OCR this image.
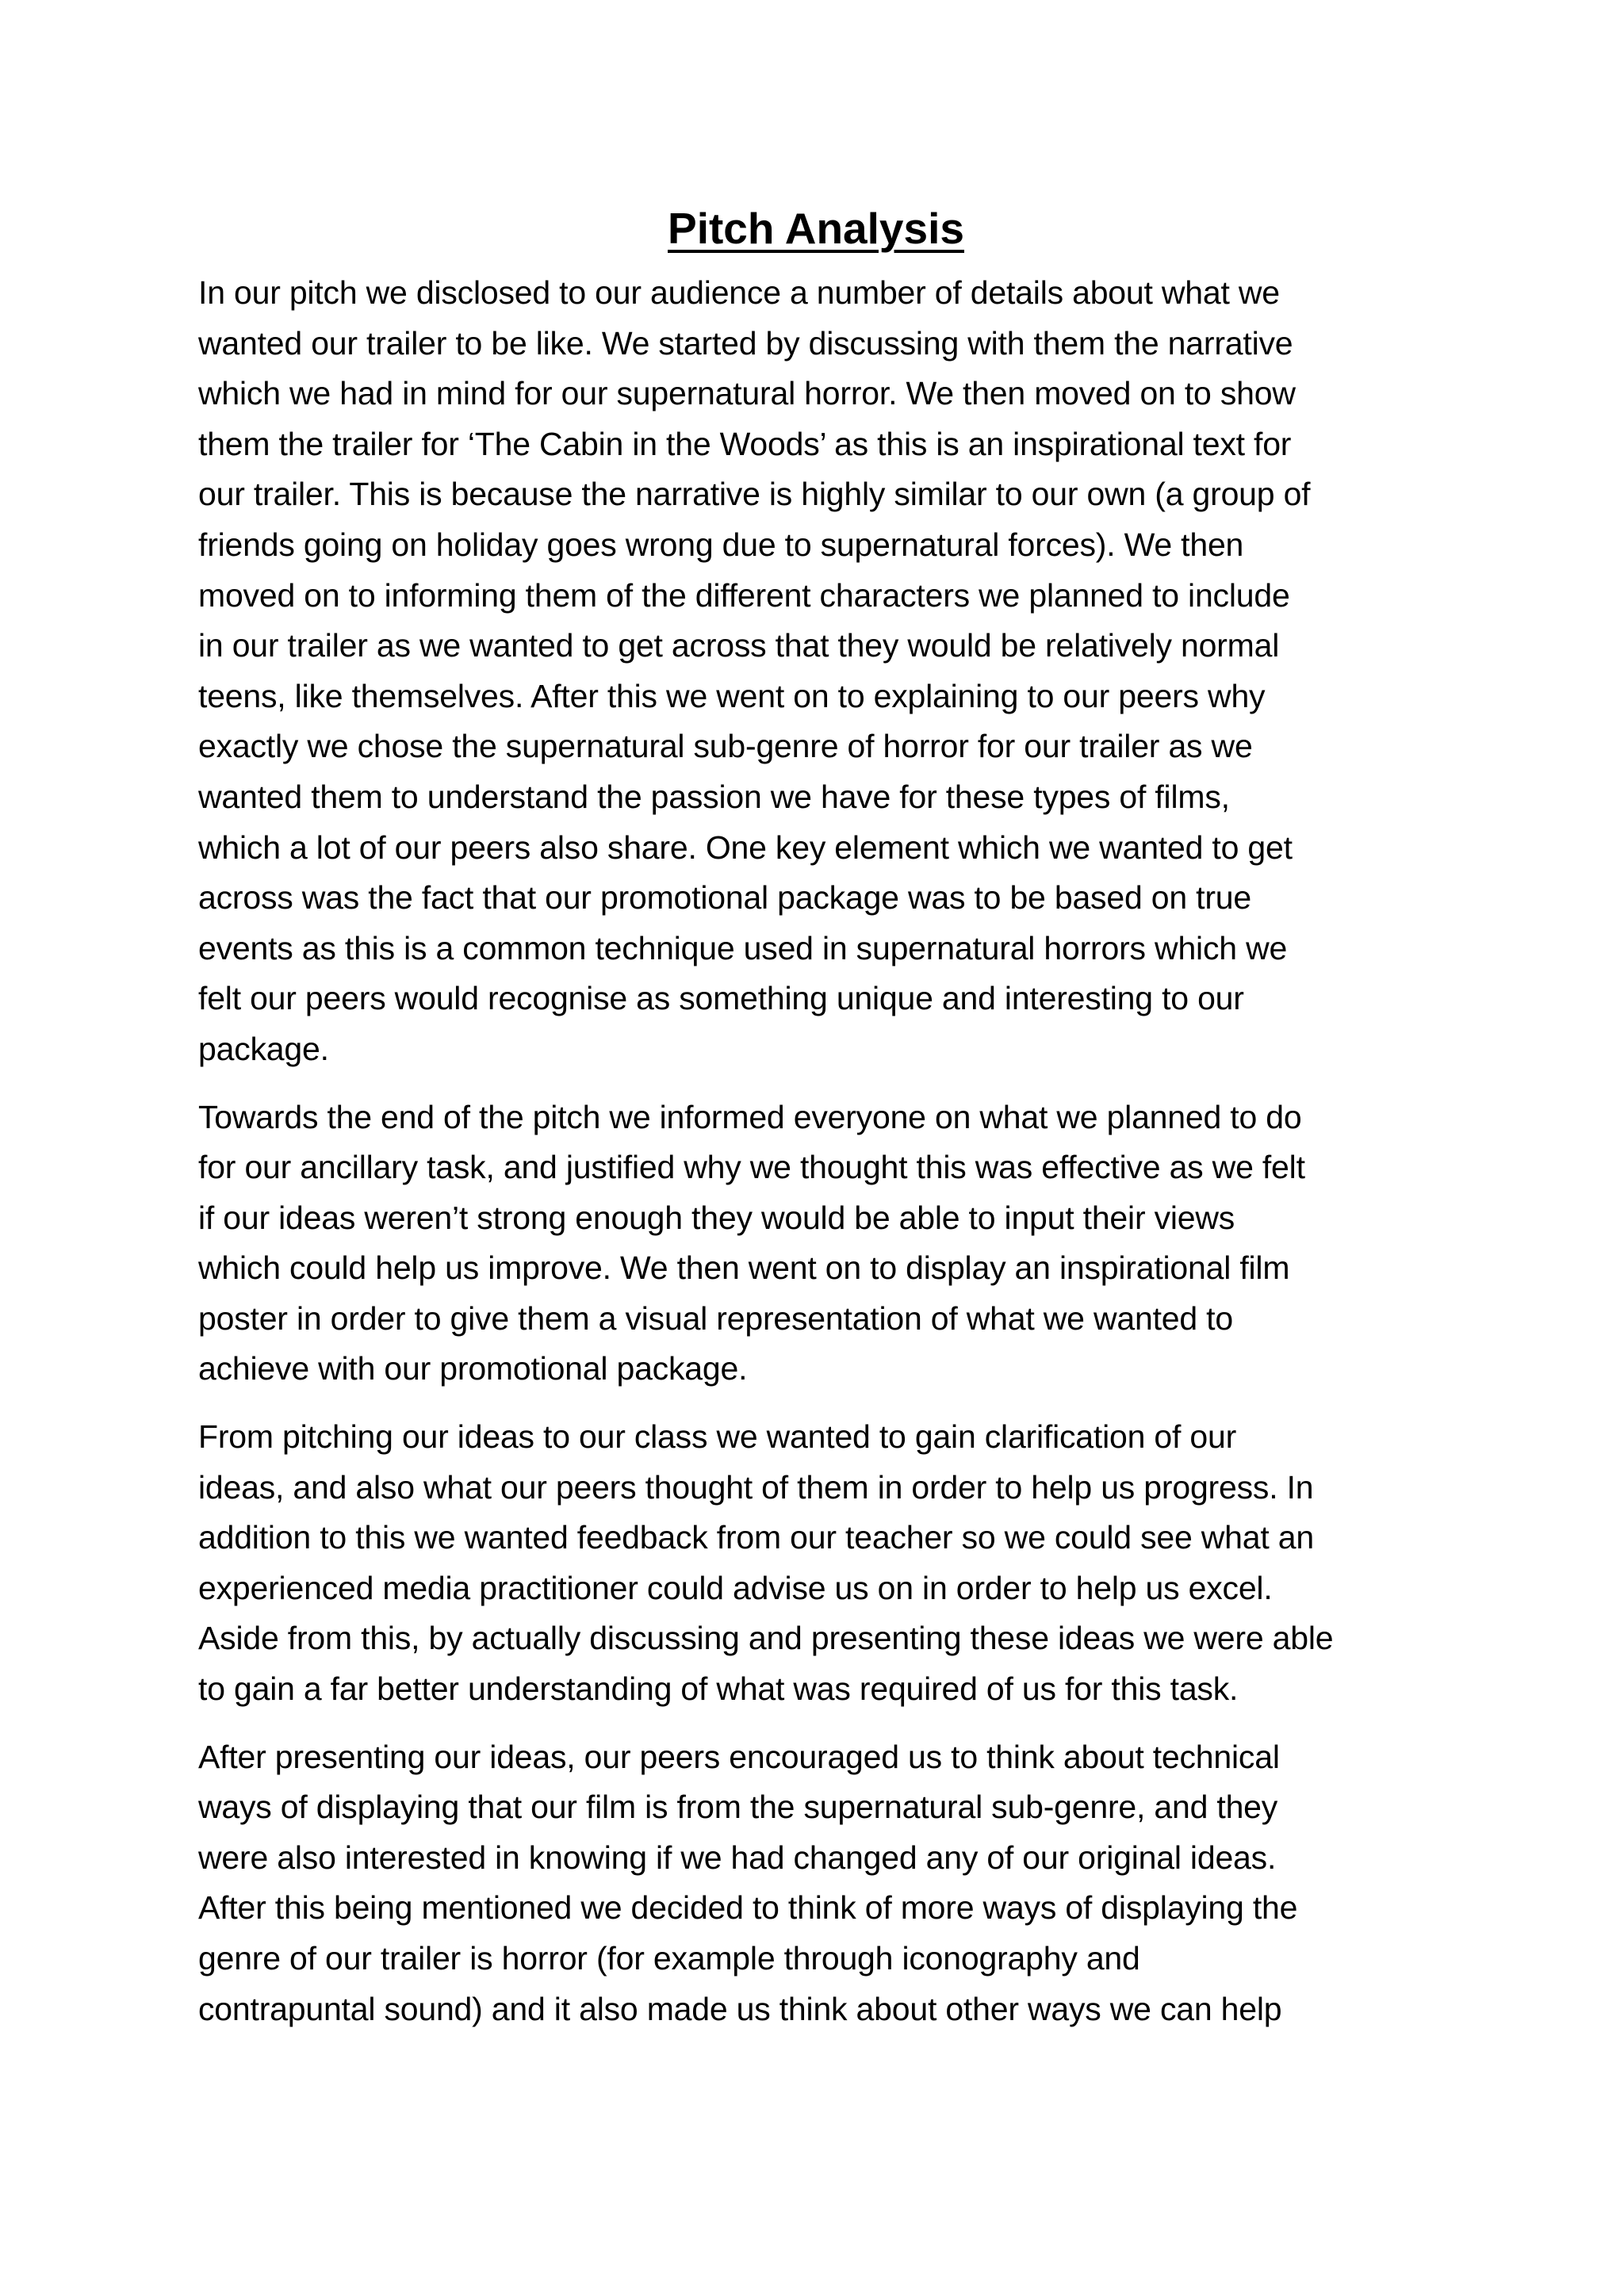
Pitch Analysis

In our pitch we disclosed to our audience a number of details about what we
wanted our trailer to be like. We started by discussing with them the narrative
which we had in mind for our supernatural horror. We then moved on to show
them the trailer for ‘The Cabin in the Woods’ as this is an inspirational text for
our trailer. This is because the narrative is highly similar to our own (a group of
friends going on holiday goes wrong due to supernatural forces). We then
moved on to informing them of the different characters we planned to include
in our trailer as we wanted to get across that they would be relatively normal
teens, like themselves. After this we went on to explaining to our peers why
exactly we chose the supernatural sub-genre of horror for our trailer as we
wanted them to understand the passion we have for these types of films,
which a lot of our peers also share. One key element which we wanted to get
across was the fact that our promotional package was to be based on true
events as this is a common technique used in supernatural horrors which we
felt our peers would recognise as something unique and interesting to our
package.

Towards the end of the pitch we informed everyone on what we planned to do
for our ancillary task, and justified why we thought this was effective as we felt
if our ideas weren’t strong enough they would be able to input their views
which could help us improve. We then went on to display an inspirational film
poster in order to give them a visual representation of what we wanted to
achieve with our promotional package.

From pitching our ideas to our class we wanted to gain clarification of our
ideas, and also what our peers thought of them in order to help us progress. In
addition to this we wanted feedback from our teacher so we could see what an
experienced media practitioner could advise us on in order to help us excel.
Aside from this, by actually discussing and presenting these ideas we were able
to gain a far better understanding of what was required of us for this task.

After presenting our ideas, our peers encouraged us to think about technical
ways of displaying that our film is from the supernatural sub-genre, and they
were also interested in knowing if we had changed any of our original ideas.
After this being mentioned we decided to think of more ways of displaying the
genre of our trailer is horror (for example through iconography and
contrapuntal sound) and it also made us think about other ways we can help
